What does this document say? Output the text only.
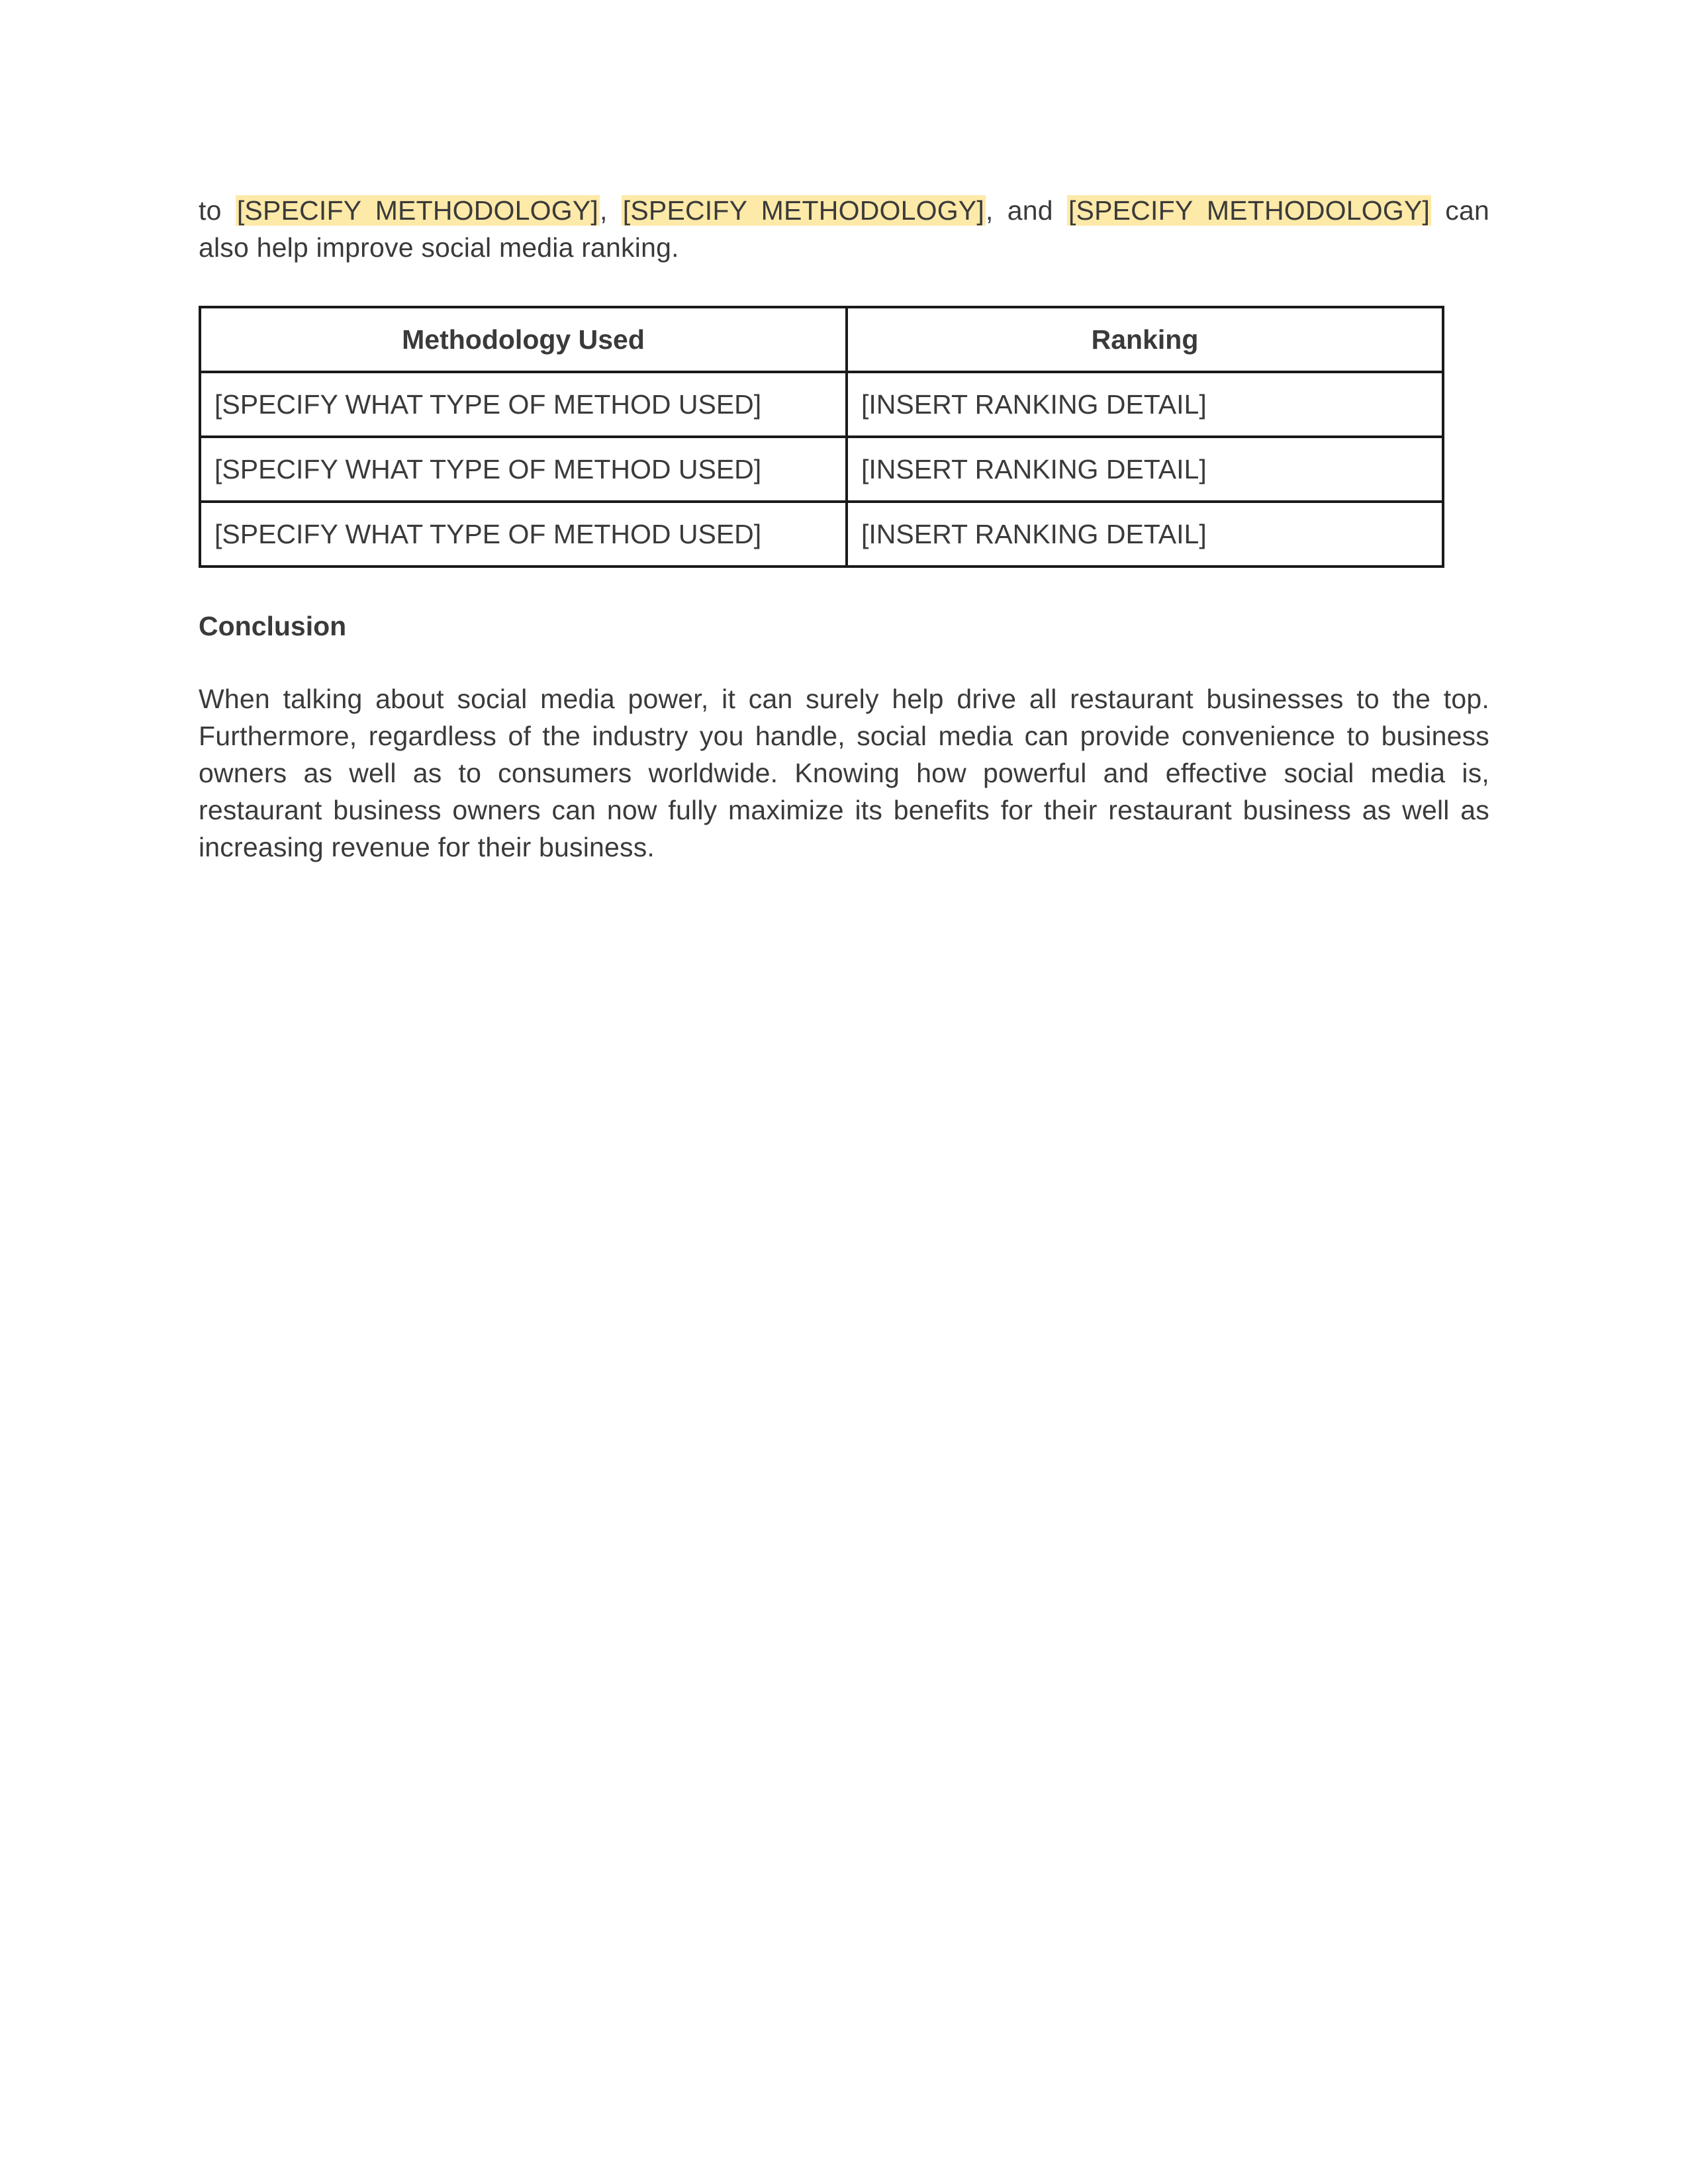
to [SPECIFY METHODOLOGY], [SPECIFY METHODOLOGY], and [SPECIFY METHODOLOGY] can also help improve social media ranking.

Methodology Used	Ranking
[SPECIFY WHAT TYPE OF METHOD USED]	[INSERT RANKING DETAIL]
[SPECIFY WHAT TYPE OF METHOD USED]	[INSERT RANKING DETAIL]
[SPECIFY WHAT TYPE OF METHOD USED]	[INSERT RANKING DETAIL]
Conclusion

When talking about social media power, it can surely help drive all restaurant businesses to the top. Furthermore, regardless of the industry you handle, social media can provide convenience to business owners as well as to consumers worldwide. Knowing how powerful and effective social media is, restaurant business owners can now fully maximize its benefits for their restaurant business as well as increasing revenue for their business.
